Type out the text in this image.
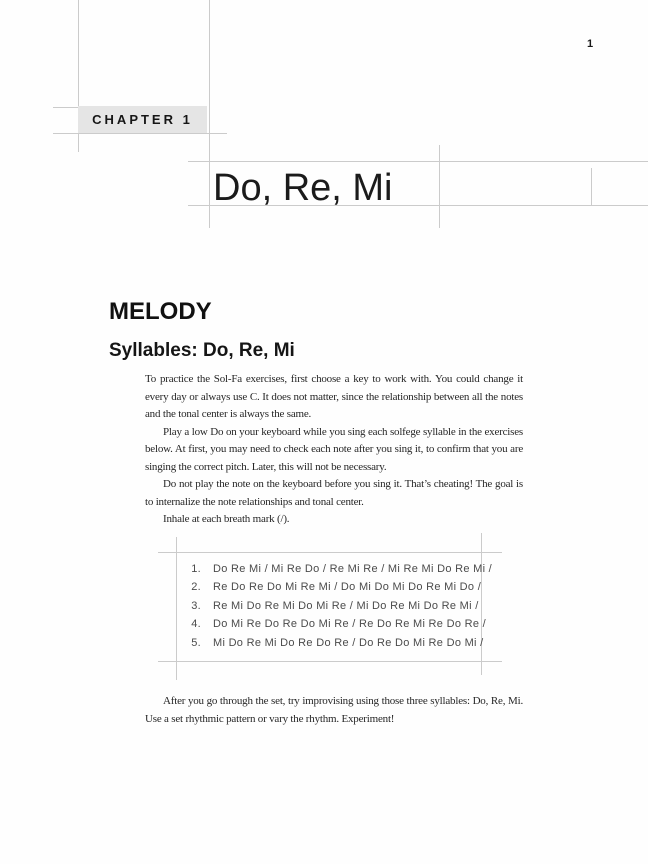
1
CHAPTER 1
Do, Re, Mi
MELODY
Syllables: Do, Re, Mi

To practice the Sol-Fa exercises, first choose a key to work with. You could change it every day or always use C. It does not matter, since the relationship between all the notes and the tonal center is always the same.

Play a low Do on your keyboard while you sing each solfege syllable in the exercises below. At first, you may need to check each note after you sing it, to confirm that you are singing the correct pitch. Later, this will not be necessary.

Do not play the note on the keyboard before you sing it. That’s cheating! The goal is to internalize the note relationships and tonal center.

Inhale at each breath mark (/).

1. Do Re Mi / Mi Re Do / Re Mi Re / Mi Re Mi Do Re Mi /
2. Re Do Re Do Mi Re Mi / Do Mi Do Mi Do Re Mi Do /
3. Re Mi Do Re Mi Do Mi Re / Mi Do Re Mi Do Re Mi /
4. Do Mi Re Do Re Do Mi Re / Re Do Re Mi Re Do Re /
5. Mi Do Re Mi Do Re Do Re / Do Re Do Mi Re Do Mi /

After you go through the set, try improvising using those three syllables: Do, Re, Mi. Use a set rhythmic pattern or vary the rhythm. Experiment!
